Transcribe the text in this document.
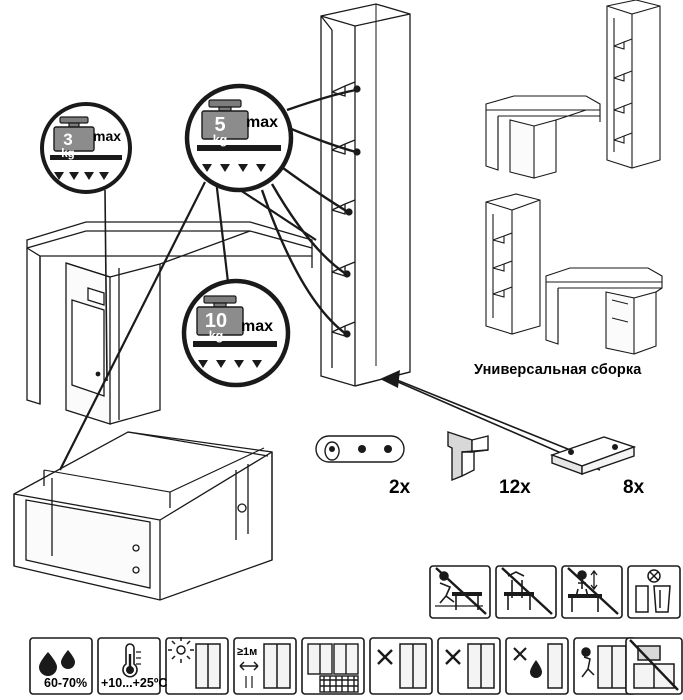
3
kg
5
kg
10
kg
max
max
max
Универсальная сборка
2x	12x	8x
60-70% +10...+25ºC
≥1м
